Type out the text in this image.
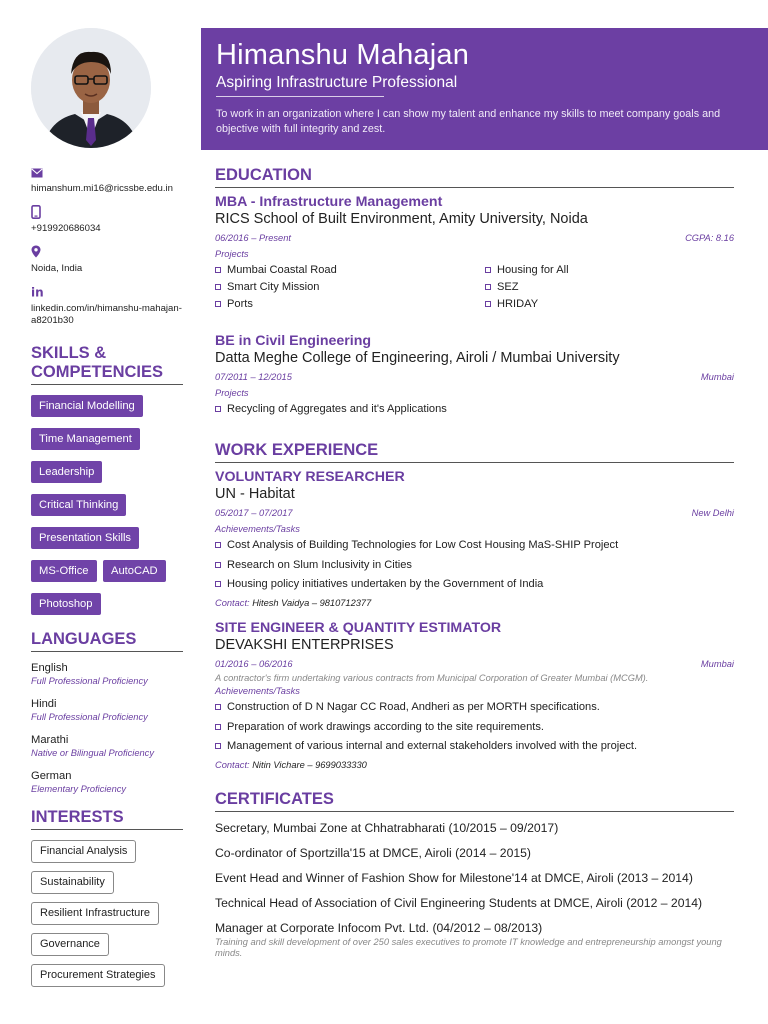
Himanshu Mahajan
Aspiring Infrastructure Professional
To work in an organization where I can show my talent and enhance my skills to meet company goals and objective with full integrity and zest.
himanshum.mi16@ricssbe.edu.in
+919920686034
Noida, India
in
linkedin.com/in/himanshu-mahajan-a8201b30
SKILLS & COMPETENCIES
Financial Modelling
Time Management
Leadership
Critical Thinking
Presentation Skills
MS-Office AutoCAD
Photoshop
LANGUAGES
English
Full Professional Proficiency
Hindi
Full Professional Proficiency
Marathi
Native or Bilingual Proficiency
German
Elementary Proficiency
INTERESTS
Financial Analysis
Sustainability
Resilient Infrastructure
Governance
Procurement Strategies
EDUCATION
MBA - Infrastructure Management
RICS School of Built Environment, Amity University, Noida
06/2016 – Present	CGPA: 8.16
Projects
Mumbai Coastal Road	Housing for All
Smart City Mission	SEZ
Ports	HRIDAY
BE in Civil Engineering
Datta Meghe College of Engineering, Airoli / Mumbai University
07/2011 – 12/2015	Mumbai
Projects
Recycling of Aggregates and it's Applications
WORK EXPERIENCE
VOLUNTARY RESEARCHER
UN - Habitat
05/2017 – 07/2017	New Delhi
Achievements/Tasks
Cost Analysis of Building Technologies for Low Cost Housing MaS-SHIP Project
Research on Slum Inclusivity in Cities
Housing policy initiatives undertaken by the Government of India
Contact: Hitesh Vaidya – 9810712377
SITE ENGINEER & QUANTITY ESTIMATOR
DEVAKSHI ENTERPRISES
01/2016 – 06/2016	Mumbai
A contractor's firm undertaking various contracts from Municipal Corporation of Greater Mumbai (MCGM).
Achievements/Tasks
Construction of D N Nagar CC Road, Andheri as per MORTH specifications.
Preparation of work drawings according to the site requirements.
Management of various internal and external stakeholders involved with the project.
Contact: Nitin Vichare – 9699033330
CERTIFICATES
Secretary, Mumbai Zone at Chhatrabharati (10/2015 – 09/2017)
Co-ordinator of Sportzilla'15 at DMCE, Airoli (2014 – 2015)
Event Head and Winner of Fashion Show for Milestone'14 at DMCE, Airoli (2013 – 2014)
Technical Head of Association of Civil Engineering Students at DMCE, Airoli (2012 – 2014)
Manager at Corporate Infocom Pvt. Ltd. (04/2012 – 08/2013)
Training and skill development of over 250 sales executives to promote IT knowledge and entrepreneurship amongst young minds.
